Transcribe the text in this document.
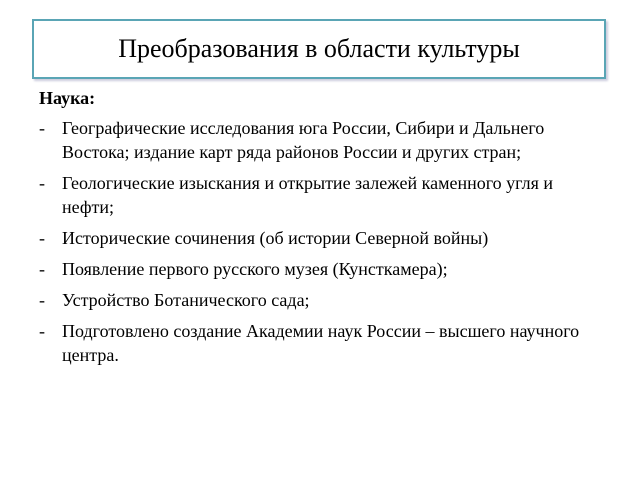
Преобразования в области культуры
Наука:
- Географические исследования юга России, Сибири и Дальнего Востока; издание карт ряда районов России и других стран;
- Геологические изыскания и открытие залежей каменного угля и нефти;
- Исторические сочинения (об истории Северной войны)
- Появление первого русского музея (Кунсткамера);
- Устройство Ботанического сада;
- Подготовлено создание Академии наук России – высшего научного центра.
